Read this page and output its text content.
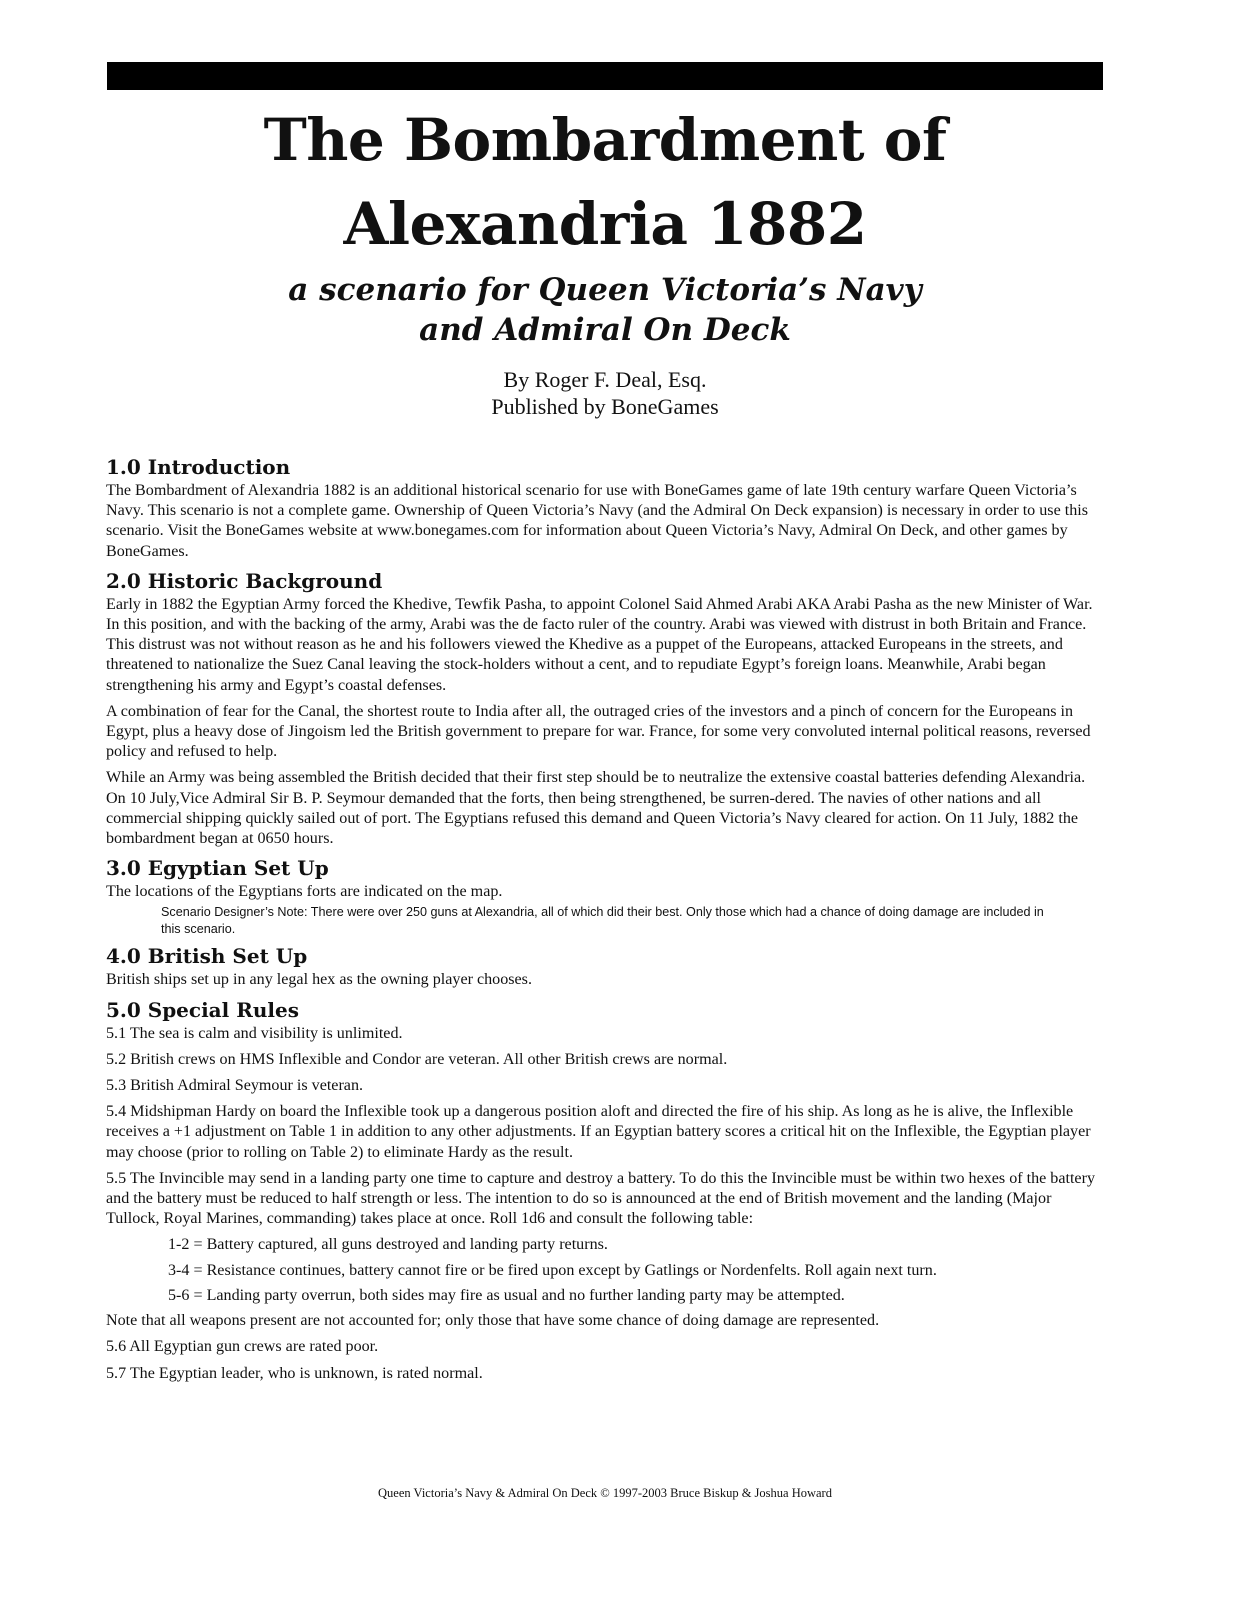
The Bombardment of
Alexandria 1882
a scenario for Queen Victoria’s Navy
and Admiral On Deck
By Roger F. Deal, Esq.
Published by BoneGames
1.0 Introduction

The Bombardment of Alexandria 1882 is an additional historical scenario for use with BoneGames game of late 19th century warfare Queen Victoria’s Navy. This scenario is not a complete game. Ownership of Queen Victoria’s Navy (and the Admiral On Deck expansion) is necessary in order to use this scenario. Visit the BoneGames website at www.bonegames.com for information about Queen Victoria’s Navy, Admiral On Deck, and other games by BoneGames.

2.0 Historic Background

Early in 1882 the Egyptian Army forced the Khedive, Tewfik Pasha, to appoint Colonel Said Ahmed Arabi AKA Arabi Pasha as the new Minister of War. In this position, and with the backing of the army, Arabi was the de facto ruler of the country. Arabi was viewed with distrust in both Britain and France. This distrust was not without reason as he and his followers viewed the Khedive as a puppet of the Europeans, attacked Europeans in the streets, and threatened to nationalize the Suez Canal leaving the stock-holders without a cent, and to repudiate Egypt’s foreign loans. Meanwhile, Arabi began strengthening his army and Egypt’s coastal defenses.

A combination of fear for the Canal, the shortest route to India after all, the outraged cries of the investors and a pinch of concern for the Europeans in Egypt, plus a heavy dose of Jingoism led the British government to prepare for war. France, for some very convoluted internal political reasons, reversed policy and refused to help.

While an Army was being assembled the British decided that their first step should be to neutralize the extensive coastal batteries defending Alexandria. On 10 July,Vice Admiral Sir B. P. Seymour demanded that the forts, then being strengthened, be surren-dered. The navies of other nations and all commercial shipping quickly sailed out of port. The Egyptians refused this demand and Queen Victoria’s Navy cleared for action. On 11 July, 1882 the bombardment began at 0650 hours.

3.0 Egyptian Set Up

The locations of the Egyptians forts are indicated on the map.

Scenario Designer’s Note: There were over 250 guns at Alexandria, all of which did their best. Only those which had a chance of doing damage are included in this scenario.
4.0 British Set Up

British ships set up in any legal hex as the owning player chooses.

5.0 Special Rules

5.1 The sea is calm and visibility is unlimited.

5.2 British crews on HMS Inflexible and Condor are veteran. All other British crews are normal.

5.3 British Admiral Seymour is veteran.

5.4 Midshipman Hardy on board the Inflexible took up a dangerous position aloft and directed the fire of his ship. As long as he is alive, the Inflexible receives a +1 adjustment on Table 1 in addition to any other adjustments. If an Egyptian battery scores a critical hit on the Inflexible, the Egyptian player may choose (prior to rolling on Table 2) to eliminate Hardy as the result.

5.5 The Invincible may send in a landing party one time to capture and destroy a battery. To do this the Invincible must be within two hexes of the battery and the battery must be reduced to half strength or less. The intention to do so is announced at the end of British movement and the landing (Major Tullock, Royal Marines, commanding) takes place at once. Roll 1d6 and consult the following table:

1-2 = Battery captured, all guns destroyed and landing party returns.

3-4 = Resistance continues, battery cannot fire or be fired upon except by Gatlings or Nordenfelts. Roll again next turn.

5-6 = Landing party overrun, both sides may fire as usual and no further landing party may be attempted.

Note that all weapons present are not accounted for; only those that have some chance of doing damage are represented.

5.6 All Egyptian gun crews are rated poor.

5.7 The Egyptian leader, who is unknown, is rated normal.

Queen Victoria’s Navy & Admiral On Deck © 1997-2003 Bruce Biskup & Joshua Howard
